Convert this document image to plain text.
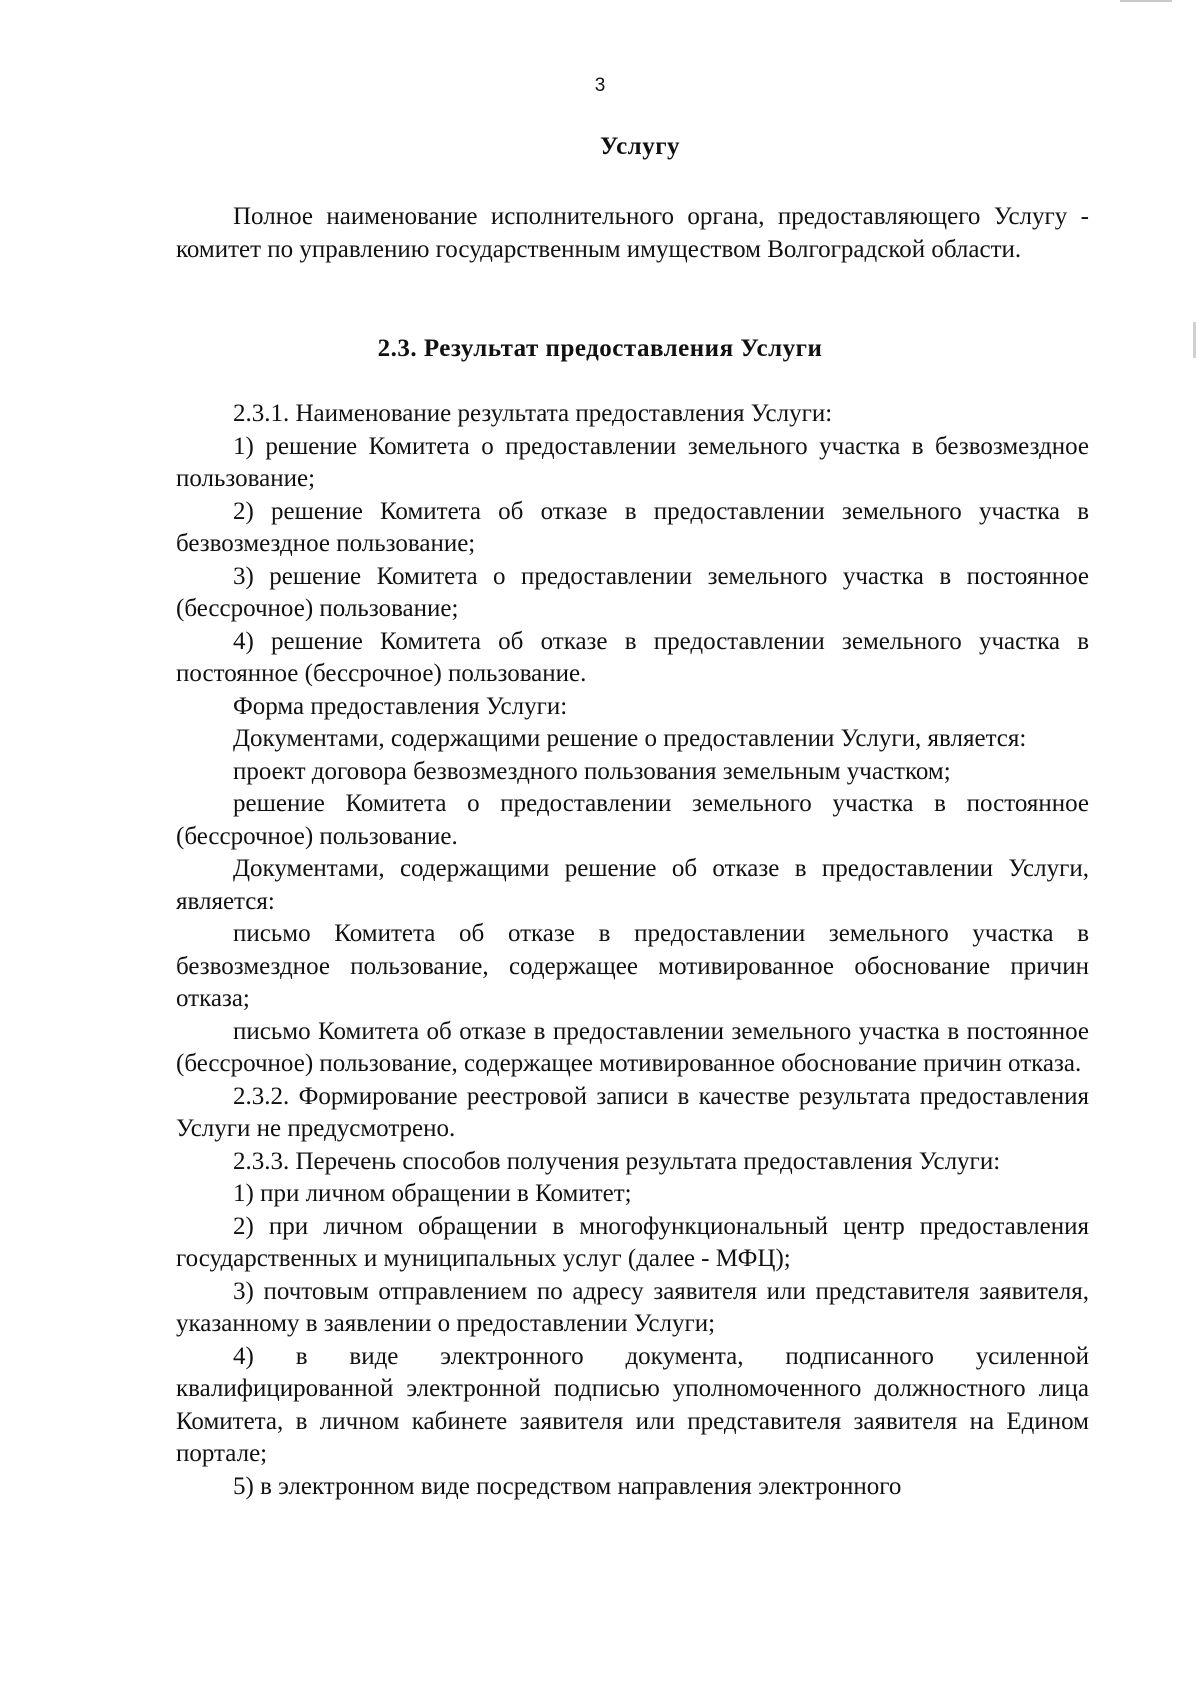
3
Услугу

Полное наименование исполнительного органа, предоставляющего Услугу - комитет по управлению государственным имуществом Волгоградской области.

2.3. Результат предоставления Услуги

2.3.1. Наименование результата предоставления Услуги:

1) решение Комитета о предоставлении земельного участка в безвозмездное пользование;

2) решение Комитета об отказе в предоставлении земельного участка в безвозмездное пользование;

3) решение Комитета о предоставлении земельного участка в постоянное (бессрочное) пользование;

4) решение Комитета об отказе в предоставлении земельного участка в постоянное (бессрочное) пользование.

Форма предоставления Услуги:

Документами, содержащими решение о предоставлении Услуги, является:

проект договора безвозмездного пользования земельным участком;

решение Комитета о предоставлении земельного участка в постоянное (бессрочное) пользование.

Документами, содержащими решение об отказе в предоставлении Услуги, является:

письмо Комитета об отказе в предоставлении земельного участка в безвозмездное пользование, содержащее мотивированное обоснование причин отказа;

письмо Комитета об отказе в предоставлении земельного участка в постоянное (бессрочное) пользование, содержащее мотивированное обоснование причин отказа.

2.3.2. Формирование реестровой записи в качестве результата предоставления Услуги не предусмотрено.

2.3.3. Перечень способов получения результата предоставления Услуги:

1) при личном обращении в Комитет;

2) при личном обращении в многофункциональный центр предоставления государственных и муниципальных услуг (далее - МФЦ);

3) почтовым отправлением по адресу заявителя или представителя заявителя, указанному в заявлении о предоставлении Услуги;

4) в виде электронного документа, подписанного усиленной квалифицированной электронной подписью уполномоченного должностного лица Комитета, в личном кабинете заявителя или представителя заявителя на Едином портале;

5) в электронном виде посредством направления электронного
